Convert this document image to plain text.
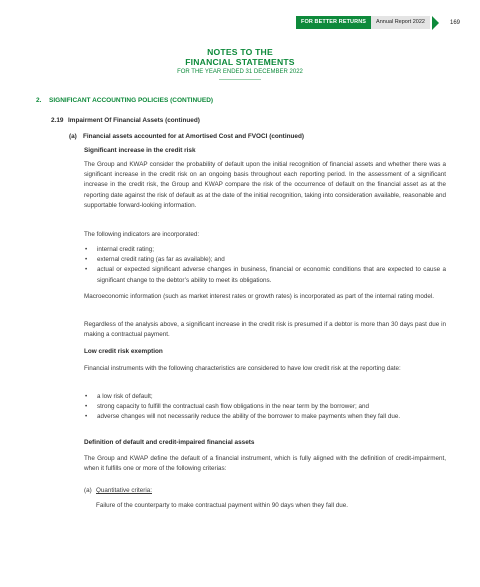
FOR BETTER RETURNS	Annual Report 2022	169
NOTES TO THE
FINANCIAL STATEMENTS
FOR THE YEAR ENDED 31 DECEMBER 2022
2. SIGNIFICANT ACCOUNTING POLICIES (CONTINUED)
2.19 Impairment Of Financial Assets (continued)
(a) Financial assets accounted for at Amortised Cost and FVOCI (continued)

Significant increase in the credit risk

The Group and KWAP consider the probability of default upon the initial recognition of financial assets and whether there was a significant increase in the credit risk on an ongoing basis throughout each reporting period. In the assessment of a significant increase in the credit risk, the Group and KWAP compare the risk of the occurrence of default on the financial asset as at the reporting date against the risk of default as at the date of the initial recognition, taking into consideration available, reasonable and supportable forward-looking information.

The following indicators are incorporated:

• internal credit rating;
• external credit rating (as far as available); and
• actual or expected significant adverse changes in business, financial or economic conditions that are expected to cause a significant change to the debtor’s ability to meet its obligations.

Macroeconomic information (such as market interest rates or growth rates) is incorporated as part of the internal rating model.

Regardless of the analysis above, a significant increase in the credit risk is presumed if a debtor is more than 30 days past due in making a contractual payment.

Low credit risk exemption

Financial instruments with the following characteristics are considered to have low credit risk at the reporting date:

• a low risk of default;
• strong capacity to fulfill the contractual cash flow obligations in the near term by the borrower; and
• adverse changes will not necessarily reduce the ability of the borrower to make payments when they fall due.

Definition of default and credit-impaired financial assets

The Group and KWAP define the default of a financial instrument, which is fully aligned with the definition of credit-impairment, when it fulfills one or more of the following criterias:

(a) Quantitative criteria:

Failure of the counterparty to make contractual payment within 90 days when they fall due.
